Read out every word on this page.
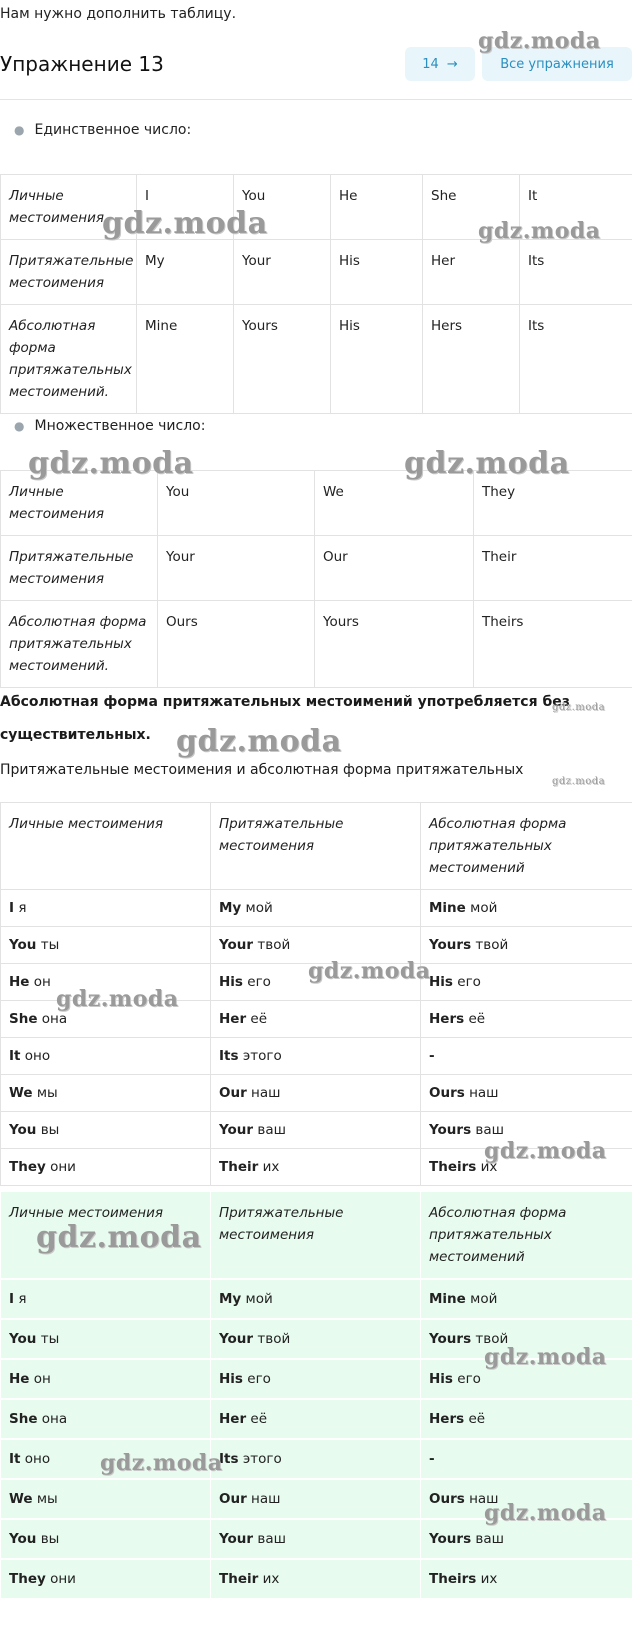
Нам нужно дополнить таблицу.
Упражнение 13	14 →	Все упражнения
● Единственное число:
Личные местоимения	I	You	He	She	It
Притяжательные местоимения	My	Your	His	Her	Its
Абсолютная форма притяжательных местоимений.	Mine	Yours	His	Hers	Its
● Множественное число:
Личные местоимения	You	We	They
Притяжательные местоимения	Your	Our	Their
Абсолютная форма притяжательных местоимений.	Ours	Yours	Theirs
Абсолютная форма притяжательных местоимений употребляется без существительных.
Притяжательные местоимения и абсолютная форма притяжательных
Личные местоимения	Притяжательные местоимения	Абсолютная форма притяжательных местоимений
I я	My мой	Mine мой
You ты	Your твой	Yours твой
He он	His его	His его
She она	Her её	Hers её
It оно	Its этого	-
We мы	Our наш	Ours наш
You вы	Your ваш	Yours ваш
They они	Their их	Theirs их
Личные местоимения	Притяжательные местоимения	Абсолютная форма притяжательных местоимений
I я	My мой	Mine мой
You ты	Your твой	Yours твой
He он	His его	His его
She она	Her её	Hers её
It оно	Its этого	-
We мы	Our наш	Ours наш
You вы	Your ваш	Yours ваш
They они	Their их	Theirs их
gdz.moda
gdz.moda	gdz.moda
gdz.moda	gdz.moda
gdz.moda
gdz.moda
gdz.moda
gdz.moda
gdz.moda
gdz.moda
gdz.moda
gdz.moda
gdz.moda
gdz.moda
